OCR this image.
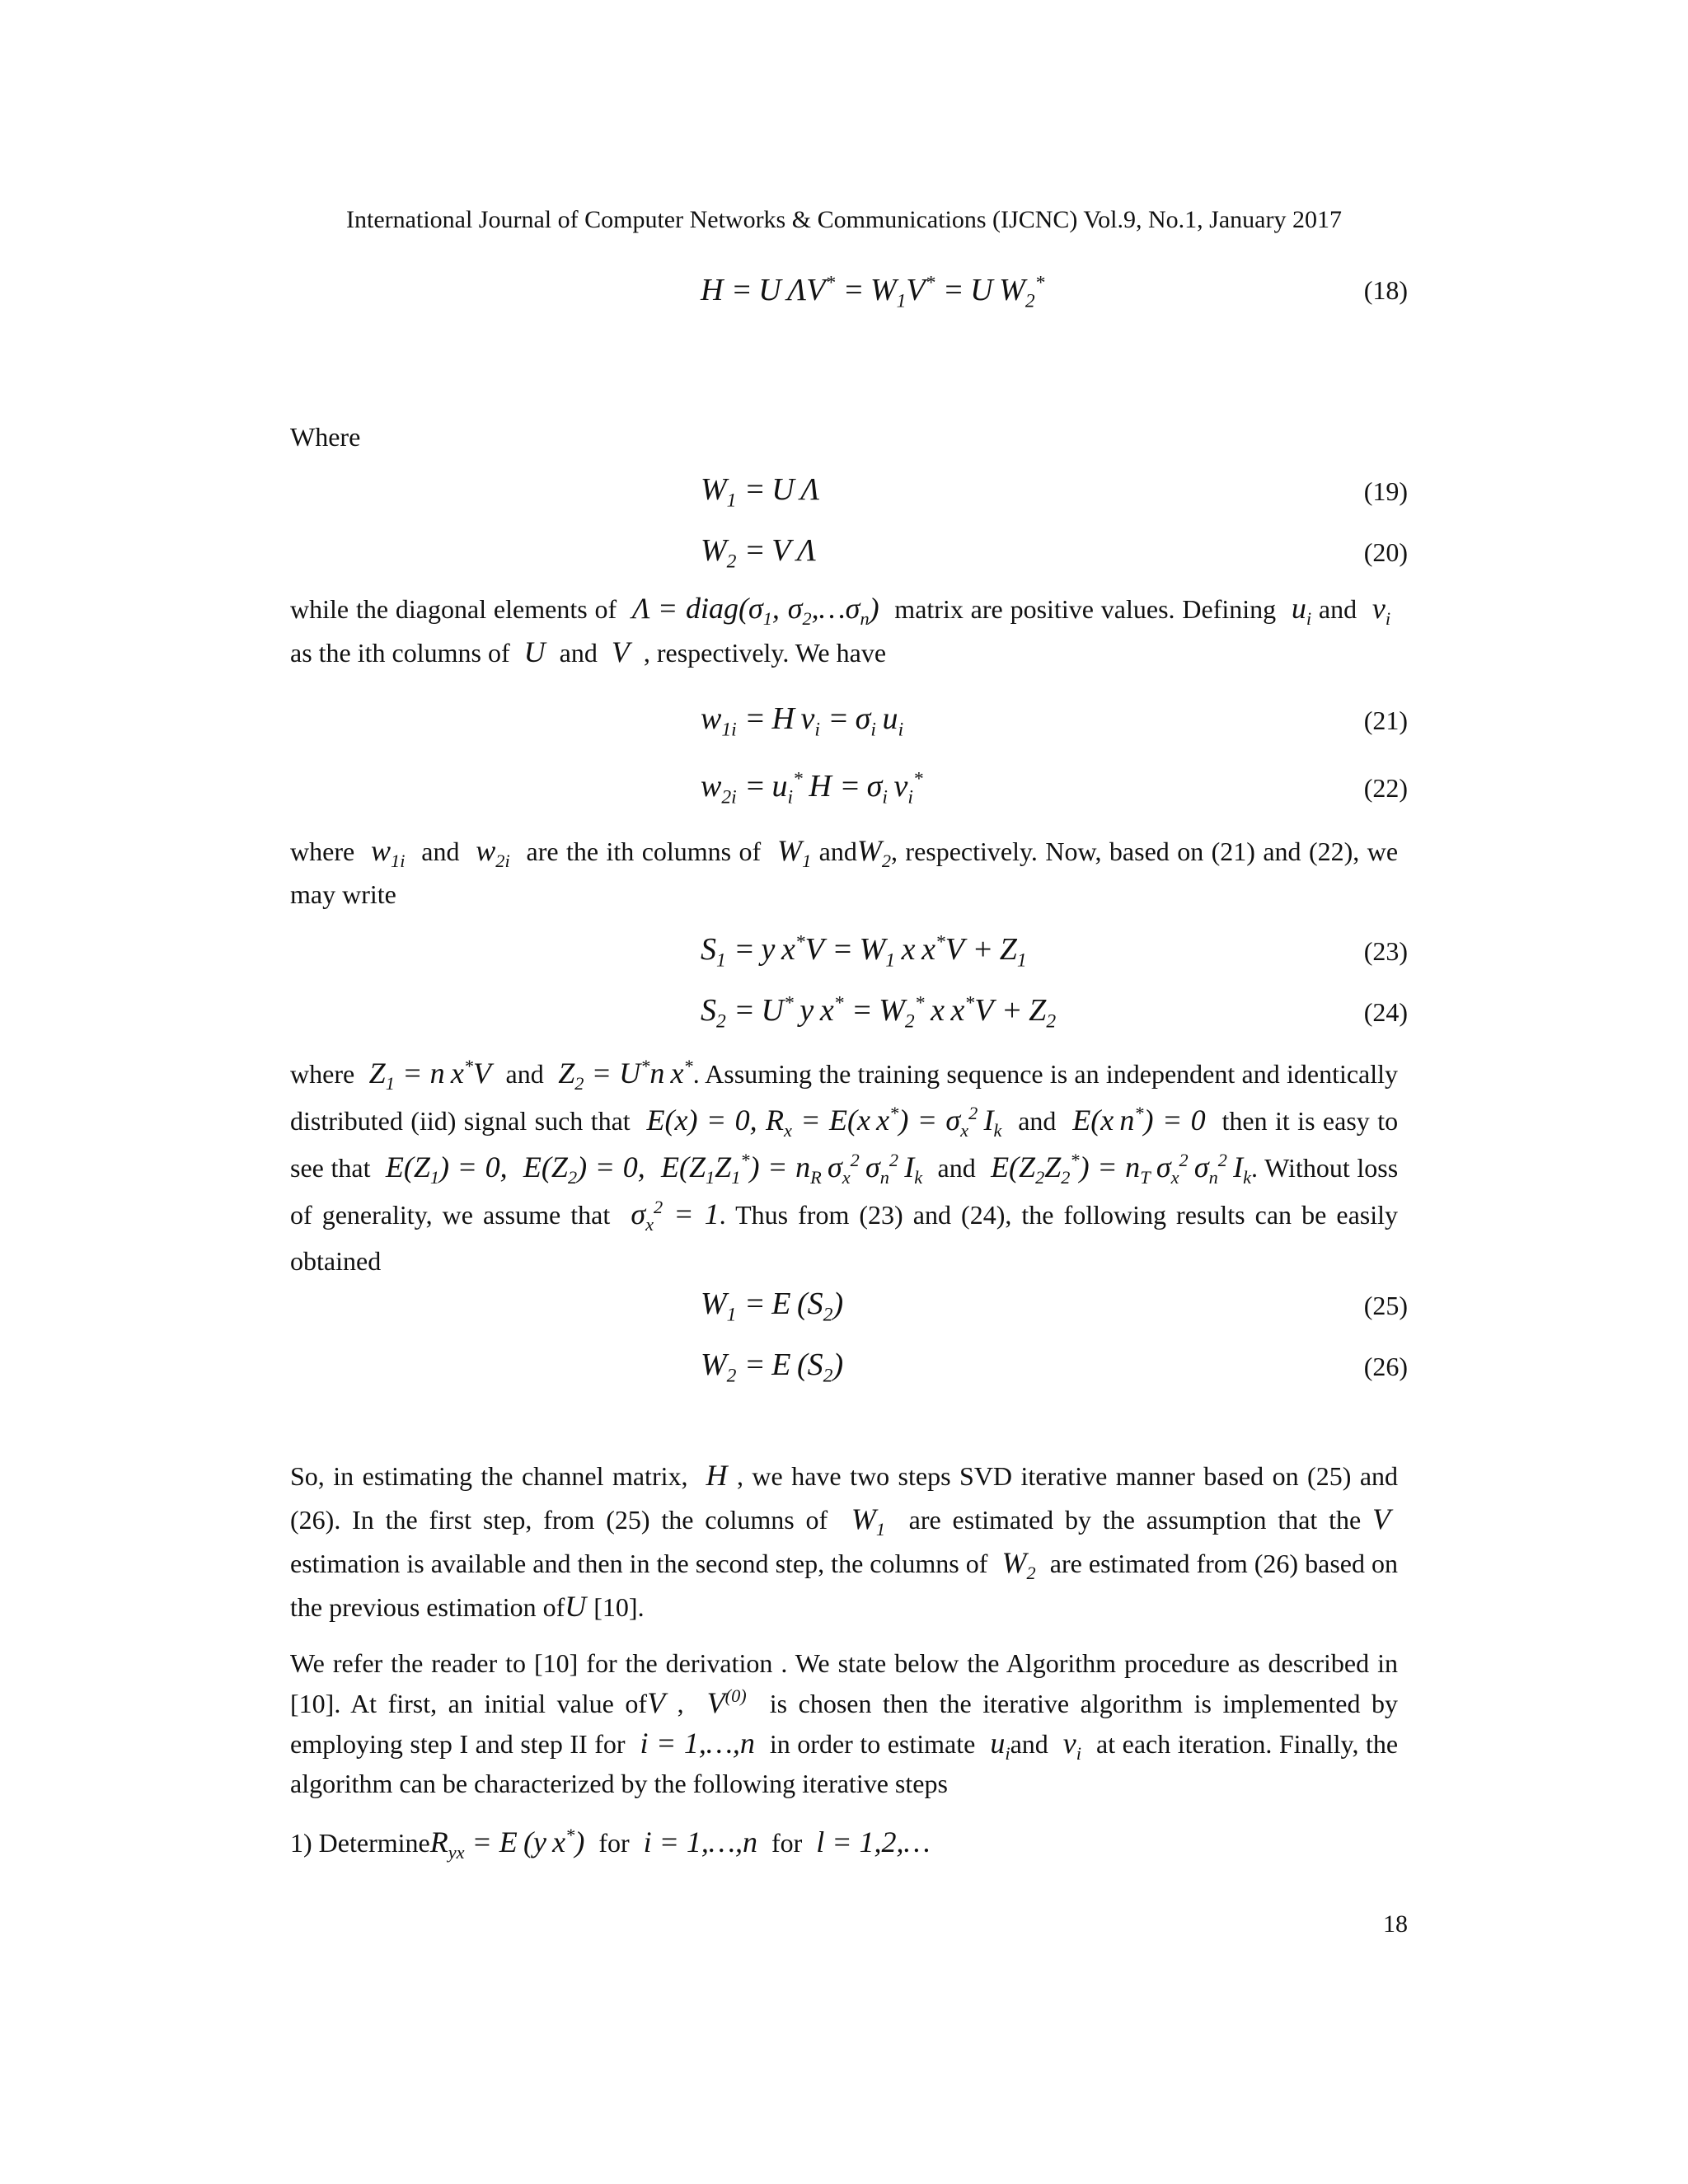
International Journal of Computer Networks & Communications (IJCNC) Vol.9, No.1, January 2017
H = U $\Lambda V^* = W_1V^* = U$ $W_2^*$	(18)
Where
$W_1 = U$ Λ	(19)
$W_2 = V$ Λ	(20)
while the diagonal elements of  $\Lambda = diag(\sigma_1$, $\sigma_2,\dots\sigma_n$)  matrix are positive values. Defining  $u_i$ and  $v_i$  as the ith columns of  U  and  V  , respectively. We have
$w_{1i} = H$ $v_i = \sigma_i$ $u_i$	(21)
$w_{2i} = u_i^*$ $H = \sigma_i$ $v_i^*$	(22)
where  $w_{1i}$ and  $w_{2i}$ are the ith columns of  $W_1$ andW$_2$, respectively. Now, based on (21) and (22), we may write
$S_1 = y$ $x^*V = W_1$ x $x^*V + Z_1$	(23)
$S_2 = U^*$ y $x^* = W_2^*$ x $x^*V + Z_2$	(24)
where  $Z_1 = n$ x*V  and  $Z_2 = U^*n$ x*. Assuming the training sequence is an independent and identically distributed (iid) signal such that  E(x) = 0, $R_x = E(x$ $x^*) = \sigma_x^2$ $I_k$ and  E(x n*) = 0  then it is easy to see that  $E(Z_1) = 0$,  $E(Z_2) = 0$,  $E(Z_1Z_1^*) = n_R$ $\sigma_x^2$ $\sigma_n^2$ $I_k$ and  $E(Z_2Z_2^*) = n_T$ $\sigma_x^2$ $\sigma_n^2$ $I_k$. Without loss of generality, we assume that  $\sigma_x^2 = 1$. Thus from (23) and (24), the following results can be easily obtained
$W_1 = E$ $(S_2)$	(25)
$W_2 = E$ $(S_2)$	(26)
So, in estimating the channel matrix,  H , we have two steps SVD iterative manner based on (25) and (26). In the first step, from (25) the columns of  $W_1$ are estimated by the assumption that the V  estimation is available and then in the second step, the columns of  $W_2$ are estimated from (26) based on the previous estimation ofU [10].
We refer the reader to [10] for the derivation . We state below the Algorithm procedure as described in [10]. At first, an initial value ofV ,  $V^{(0)}$ is chosen then the iterative algorithm is implemented by employing step I and step II for  i = 1,…,n  in order to estimate  $u_iand$  $v_i$ at each iteration. Finally, the algorithm can be characterized by the following iterative steps
1) DetermineR$_{yx}$ = E (y x*)  for  i = 1,…,n  for  l = 1,2,…
18
